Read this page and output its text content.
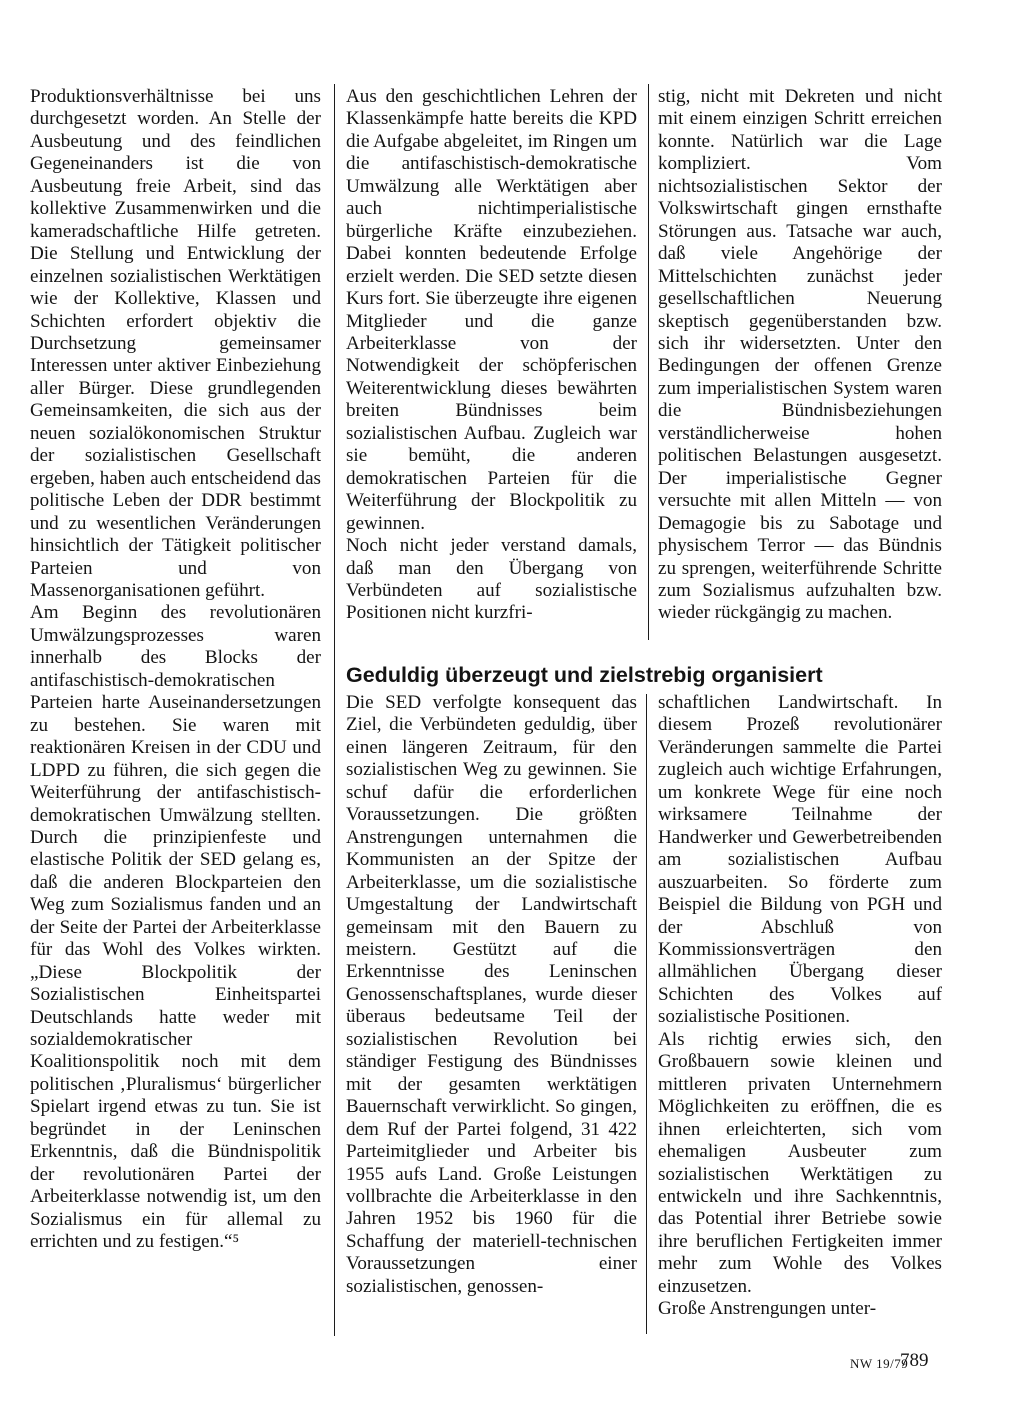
Produktionsverhältnisse bei uns durchgesetzt worden. An Stelle der Ausbeutung und des feindlichen Gegeneinanders ist die von Ausbeutung freie Arbeit, sind das kollektive Zusammenwirken und die kameradschaftliche Hilfe getreten. Die Stellung und Entwicklung der einzelnen sozialistischen Werktätigen wie der Kollektive, Klassen und Schichten erfordert objektiv die Durchsetzung gemeinsamer Interessen unter aktiver Einbeziehung aller Bürger. Diese grundlegenden Gemeinsamkeiten, die sich aus der neuen sozialökonomischen Struktur der sozialistischen Gesellschaft ergeben, haben auch entscheidend das politische Leben der DDR bestimmt und zu wesentlichen Veränderungen hinsichtlich der Tätigkeit politischer Parteien und von Massenorganisationen geführt.

Am Beginn des revolutionären Umwälzungsprozesses waren innerhalb des Blocks der antifaschistisch-demokratischen Parteien harte Auseinandersetzungen zu bestehen. Sie waren mit reaktionären Kreisen in der CDU und LDPD zu führen, die sich gegen die Weiterführung der antifaschistisch-demokratischen Umwälzung stellten. Durch die prinzipienfeste und elastische Politik der SED gelang es, daß die anderen Blockparteien den Weg zum Sozialismus fanden und an der Seite der Partei der Arbeiterklasse für das Wohl des Volkes wirkten. „Diese Blockpolitik der Sozialistischen Einheitspartei Deutschlands hatte weder mit sozialdemokratischer Koalitionspolitik noch mit dem politischen ‚Pluralismus‘ bürgerlicher Spielart irgend etwas zu tun. Sie ist begründet in der Leninschen Erkenntnis, daß die Bündnispolitik der revolutionären Partei der Arbeiterklasse notwendig ist, um den Sozialismus ein für allemal zu errichten und zu festigen.“⁵

Aus den geschichtlichen Lehren der Klassenkämpfe hatte bereits die KPD die Aufgabe abgeleitet, im Ringen um die antifaschistisch-demokratische Umwälzung alle Werktätigen aber auch nichtimperialistische bürgerliche Kräfte einzubeziehen. Dabei konnten bedeutende Erfolge erzielt werden. Die SED setzte diesen Kurs fort. Sie überzeugte ihre eigenen Mitglieder und die ganze Arbeiterklasse von der Notwendigkeit der schöpferischen Weiterentwicklung dieses bewährten breiten Bündnisses beim sozialistischen Aufbau. Zugleich war sie bemüht, die anderen demokratischen Parteien für die Weiterführung der Blockpolitik zu gewinnen.

Noch nicht jeder verstand damals, daß man den Übergang von Verbündeten auf sozialistische Positionen nicht kurzfri-

stig, nicht mit Dekreten und nicht mit einem einzigen Schritt erreichen konnte. Natürlich war die Lage kompliziert. Vom nichtsozialistischen Sektor der Volkswirtschaft gingen ernsthafte Störungen aus. Tatsache war auch, daß viele Angehörige der Mittelschichten zunächst jeder gesellschaftlichen Neuerung skeptisch gegenüberstanden bzw. sich ihr widersetzten. Unter den Bedingungen der offenen Grenze zum imperialistischen System waren die Bündnisbeziehungen verständlicherweise hohen politischen Belastungen ausgesetzt. Der imperialistische Gegner versuchte mit allen Mitteln — von Demagogie bis zu Sabotage und physischem Terror — das Bündnis zu sprengen, weiterführende Schritte zum Sozialismus aufzuhalten bzw. wieder rückgängig zu machen.

Geduldig überzeugt und zielstrebig organisiert

Die SED verfolgte konsequent das Ziel, die Verbündeten geduldig, über einen längeren Zeitraum, für den sozialistischen Weg zu gewinnen. Sie schuf dafür die erforderlichen Voraussetzungen. Die größten Anstrengungen unternahmen die Kommunisten an der Spitze der Arbeiterklasse, um die sozialistische Umgestaltung der Landwirtschaft gemeinsam mit den Bauern zu meistern. Gestützt auf die Erkenntnisse des Leninschen Genossenschaftsplanes, wurde dieser überaus bedeutsame Teil der sozialistischen Revolution bei ständiger Festigung des Bündnisses mit der gesamten werktätigen Bauernschaft verwirklicht. So gingen, dem Ruf der Partei folgend, 31 422 Parteimitglieder und Arbeiter bis 1955 aufs Land. Große Leistungen vollbrachte die Arbeiterklasse in den Jahren 1952 bis 1960 für die Schaffung der materiell-technischen Voraussetzungen einer sozialistischen, genossen-

schaftlichen Landwirtschaft. In diesem Prozeß revolutionärer Veränderungen sammelte die Partei zugleich auch wichtige Erfahrungen, um konkrete Wege für eine noch wirksamere Teilnahme der Handwerker und Gewerbetreibenden am sozialistischen Aufbau auszuarbeiten. So förderte zum Beispiel die Bildung von PGH und der Abschluß von Kommissionsverträgen den allmählichen Übergang dieser Schichten des Volkes auf sozialistische Positionen.

Als richtig erwies sich, den Großbauern sowie kleinen und mittleren privaten Unternehmern Möglichkeiten zu eröffnen, die es ihnen erleichterten, sich vom ehemaligen Ausbeuter zum sozialistischen Werktätigen zu entwickeln und ihre Sachkenntnis, das Potential ihrer Betriebe sowie ihre beruflichen Fertigkeiten immer mehr zum Wohle des Volkes einzusetzen.

Große Anstrengungen unter-

NW 19/79
789
